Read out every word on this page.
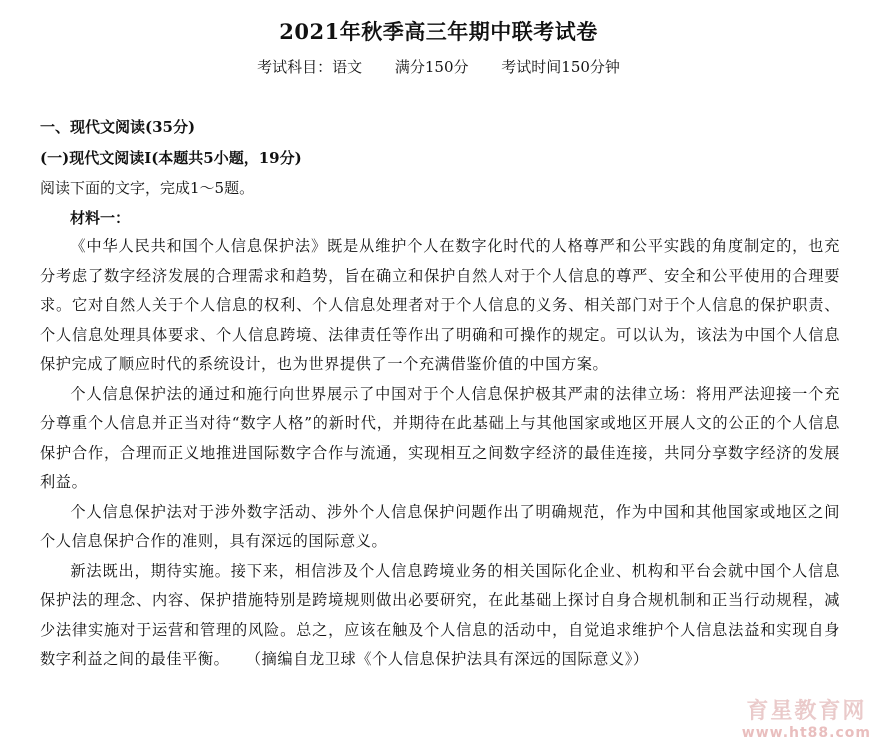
2021年秋季高三年期中联考试卷
考试科目：语文 满分150分 考试时间150分钟
一、现代文阅读(35分)
(一)现代文阅读Ⅰ(本题共5小题，19分)
阅读下面的文字，完成1～5题。
材料一：

《中华人民共和国个人信息保护法》既是从维护个人在数字化时代的人格尊严和公平实践的角度制定的，也充分考虑了数字经济发展的合理需求和趋势，旨在确立和保护自然人对于个人信息的尊严、安全和公平使用的合理要求。它对自然人关于个人信息的权利、个人信息处理者对于个人信息的义务、相关部门对于个人信息的保护职责、个人信息处理具体要求、个人信息跨境、法律责任等作出了明确和可操作的规定。可以认为，该法为中国个人信息保护完成了顺应时代的系统设计，也为世界提供了一个充满借鉴价值的中国方案。

个人信息保护法的通过和施行向世界展示了中国对于个人信息保护极其严肃的法律立场：将用严法迎接一个充分尊重个人信息并正当对待“数字人格”的新时代，并期待在此基础上与其他国家或地区开展人文的公正的个人信息保护合作，合理而正义地推进国际数字合作与流通，实现相互之间数字经济的最佳连接，共同分享数字经济的发展利益。

个人信息保护法对于涉外数字活动、涉外个人信息保护问题作出了明确规范，作为中国和其他国家或地区之间个人信息保护合作的准则，具有深远的国际意义。

新法既出，期待实施。接下来，相信涉及个人信息跨境业务的相关国际化企业、机构和平台会就中国个人信息保护法的理念、内容、保护措施特别是跨境规则做出必要研究，在此基础上探讨自身合规机制和正当行动规程，减少法律实施对于运营和管理的风险。总之，应该在触及个人信息的活动中，自觉追求维护个人信息法益和实现自身数字利益之间的最佳平衡。　　 （摘编自龙卫球《个人信息保护法具有深远的国际意义》）

育星教育网
www.ht88.com
